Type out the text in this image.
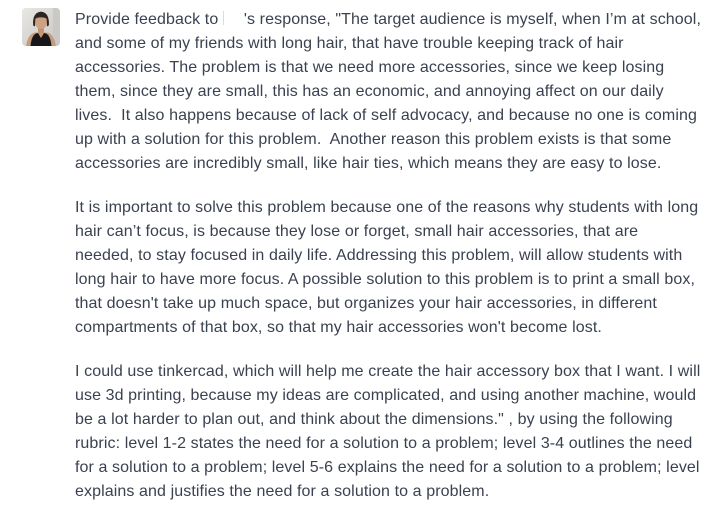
Provide feedback to 's response, "The target audience is myself, when I’m at school, and some of my friends with long hair, that have trouble keeping track of hair accessories. The problem is that we need more accessories, since we keep losing them, since they are small, this has an economic, and annoying affect on our daily lives.  It also happens because of lack of self advocacy, and because no one is coming up with a solution for this problem.  Another reason this problem exists is that some accessories are incredibly small, like hair ties, which means they are easy to lose.

It is important to solve this problem because one of the reasons why students with long hair can’t focus, is because they lose or forget, small hair accessories, that are needed, to stay focused in daily life. Addressing this problem, will allow students with long hair to have more focus. A possible solution to this problem is to print a small box, that doesn't take up much space, but organizes your hair accessories, in different compartments of that box, so that my hair accessories won't become lost.

I could use tinkercad, which will help me create the hair accessory box that I want. I will use 3d printing, because my ideas are complicated, and using another machine, would be a lot harder to plan out, and think about the dimensions." , by using the following rubric: level 1-2 states the need for a solution to a problem; level 3-4 outlines the need for a solution to a problem; level 5-6 explains the need for a solution to a problem; level explains and justifies the need for a solution to a problem.
